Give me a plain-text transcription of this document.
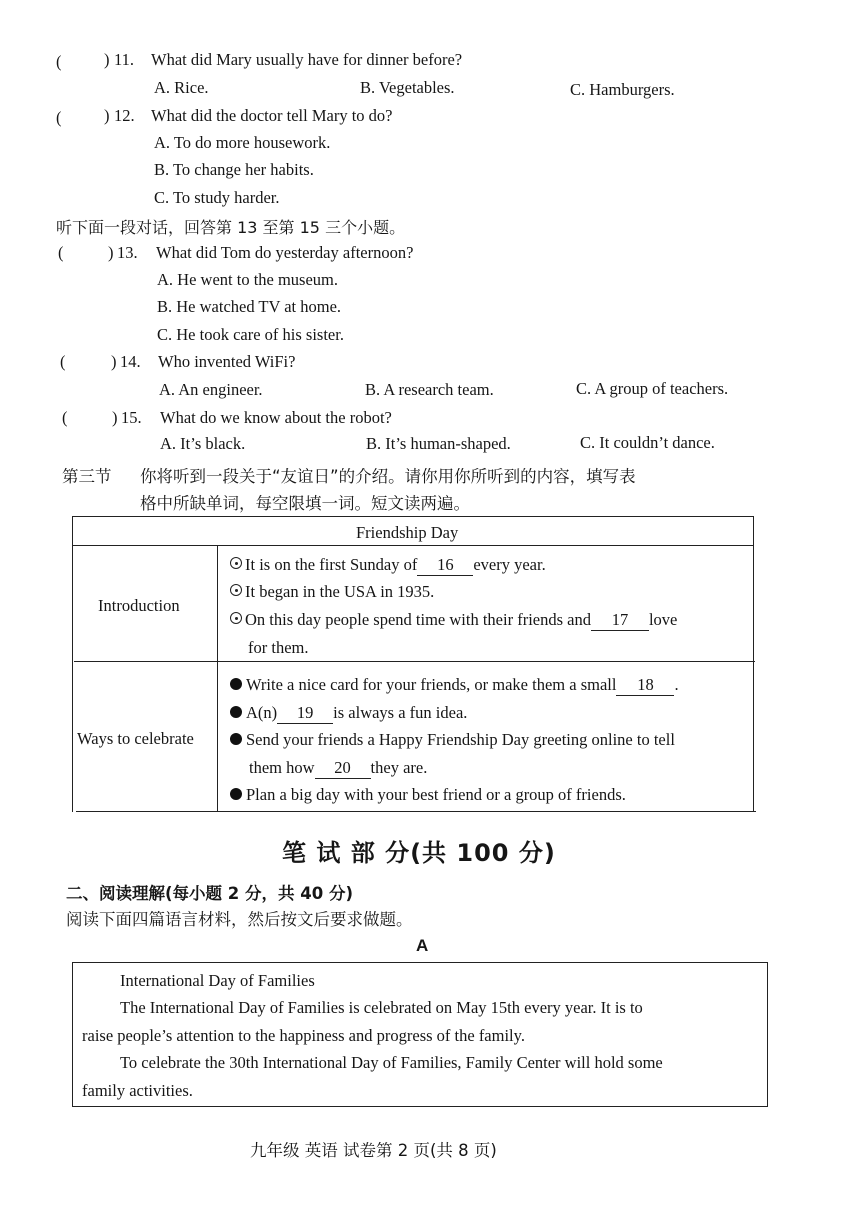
(	) 11. What did Mary usually have for dinner before?
A. Rice.	B. Vegetables.	C. Hamburgers.
(	) 12. What did the doctor tell Mary to do?
A. To do more housework.
B. To change her habits.
C. To study harder.
听下面一段对话，回答第 13 至第 15 三个小题。
(	) 13. What did Tom do yesterday afternoon?
A. He went to the museum.
B. He watched TV at home.
C. He took care of his sister.
(	) 14. Who invented WiFi?
A. An engineer.	B. A research team.	C. A group of teachers.
(	) 15. What do we know about the robot?
A. It’s black.	B. It’s human-shaped.	C. It couldn’t dance.
第三节 你将听到一段关于“友谊日”的介绍。请你用你所听到的内容，填写表
格中所缺单词，每空限填一词。短文读两遍。
Friendship Day
Introduction
It is on the first Sunday of 16 every year.
It began in the USA in 1935.
On this day people spend time with their friends and 17 love
for them.
Ways to celebrate
Write a nice card for your friends, or make them a small 18 .
A(n) 19 is always a fun idea.
Send your friends a Happy Friendship Day greeting online to tell
them how 20 they are.
Plan a big day with your best friend or a group of friends.
笔 试 部 分(共 100 分)
二、阅读理解(每小题 2 分，共 40 分)
阅读下面四篇语言材料，然后按文后要求做题。
A
International Day of Families
The International Day of Families is celebrated on May 15th every year. It is to
raise people’s attention to the happiness and progress of the family.
To celebrate the 30th International Day of Families, Family Center will hold some
family activities.
九年级 英语 试卷第 2 页(共 8 页)
